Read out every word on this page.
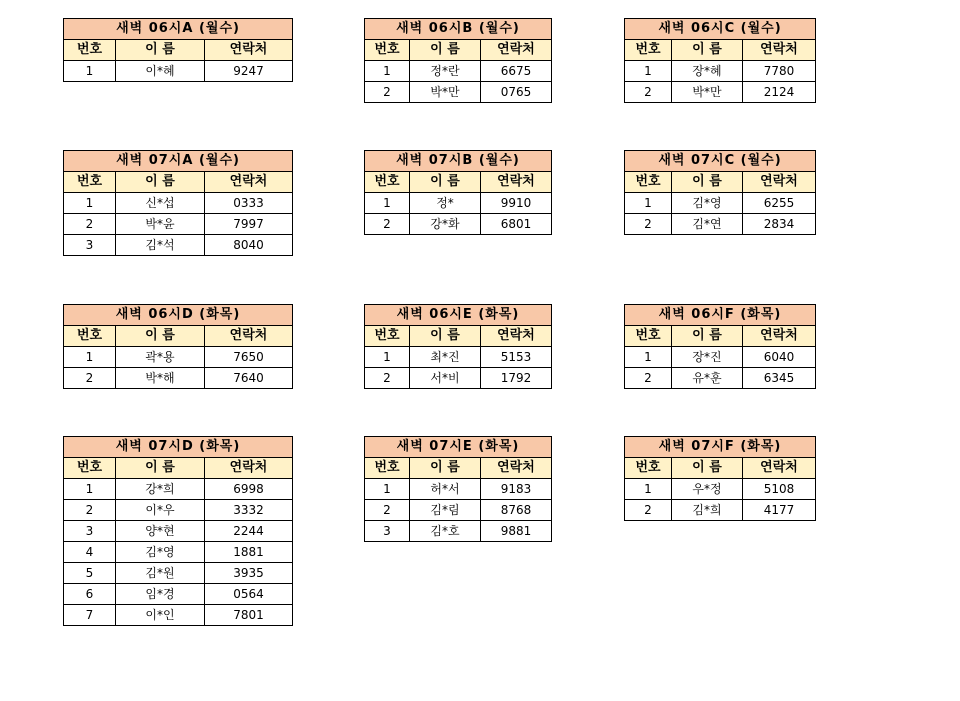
새벽 06시A (월수)		
번호	이 름	연락처
1	이*혜	9247
새벽 06시B (월수)		
번호	이 름	연락처
1	정*란	6675
2	박*만	0765
새벽 06시C (월수)		
번호	이 름	연락처
1	장*혜	7780
2	박*만	2124
새벽 07시A (월수)		
번호	이 름	연락처
1	신*섭	0333
2	박*윤	7997
3	김*석	8040
새벽 07시B (월수)		
번호	이 름	연락처
1	정*	9910
2	강*화	6801
새벽 07시C (월수)		
번호	이 름	연락처
1	김*영	6255
2	김*연	2834
새벽 06시D (화목)		
번호	이 름	연락처
1	곽*용	7650
2	박*해	7640
새벽 06시E (화목)		
번호	이 름	연락처
1	최*진	5153
2	서*비	1792
새벽 06시F (화목)		
번호	이 름	연락처
1	장*진	6040
2	유*훈	6345
새벽 07시D (화목)		
번호	이 름	연락처
1	강*희	6998
2	이*우	3332
3	양*현	2244
4	김*영	1881
5	김*원	3935
6	임*경	0564
7	이*인	7801
새벽 07시E (화목)		
번호	이 름	연락처
1	허*서	9183
2	김*림	8768
3	김*호	9881
새벽 07시F (화목)		
번호	이 름	연락처
1	우*정	5108
2	김*희	4177
